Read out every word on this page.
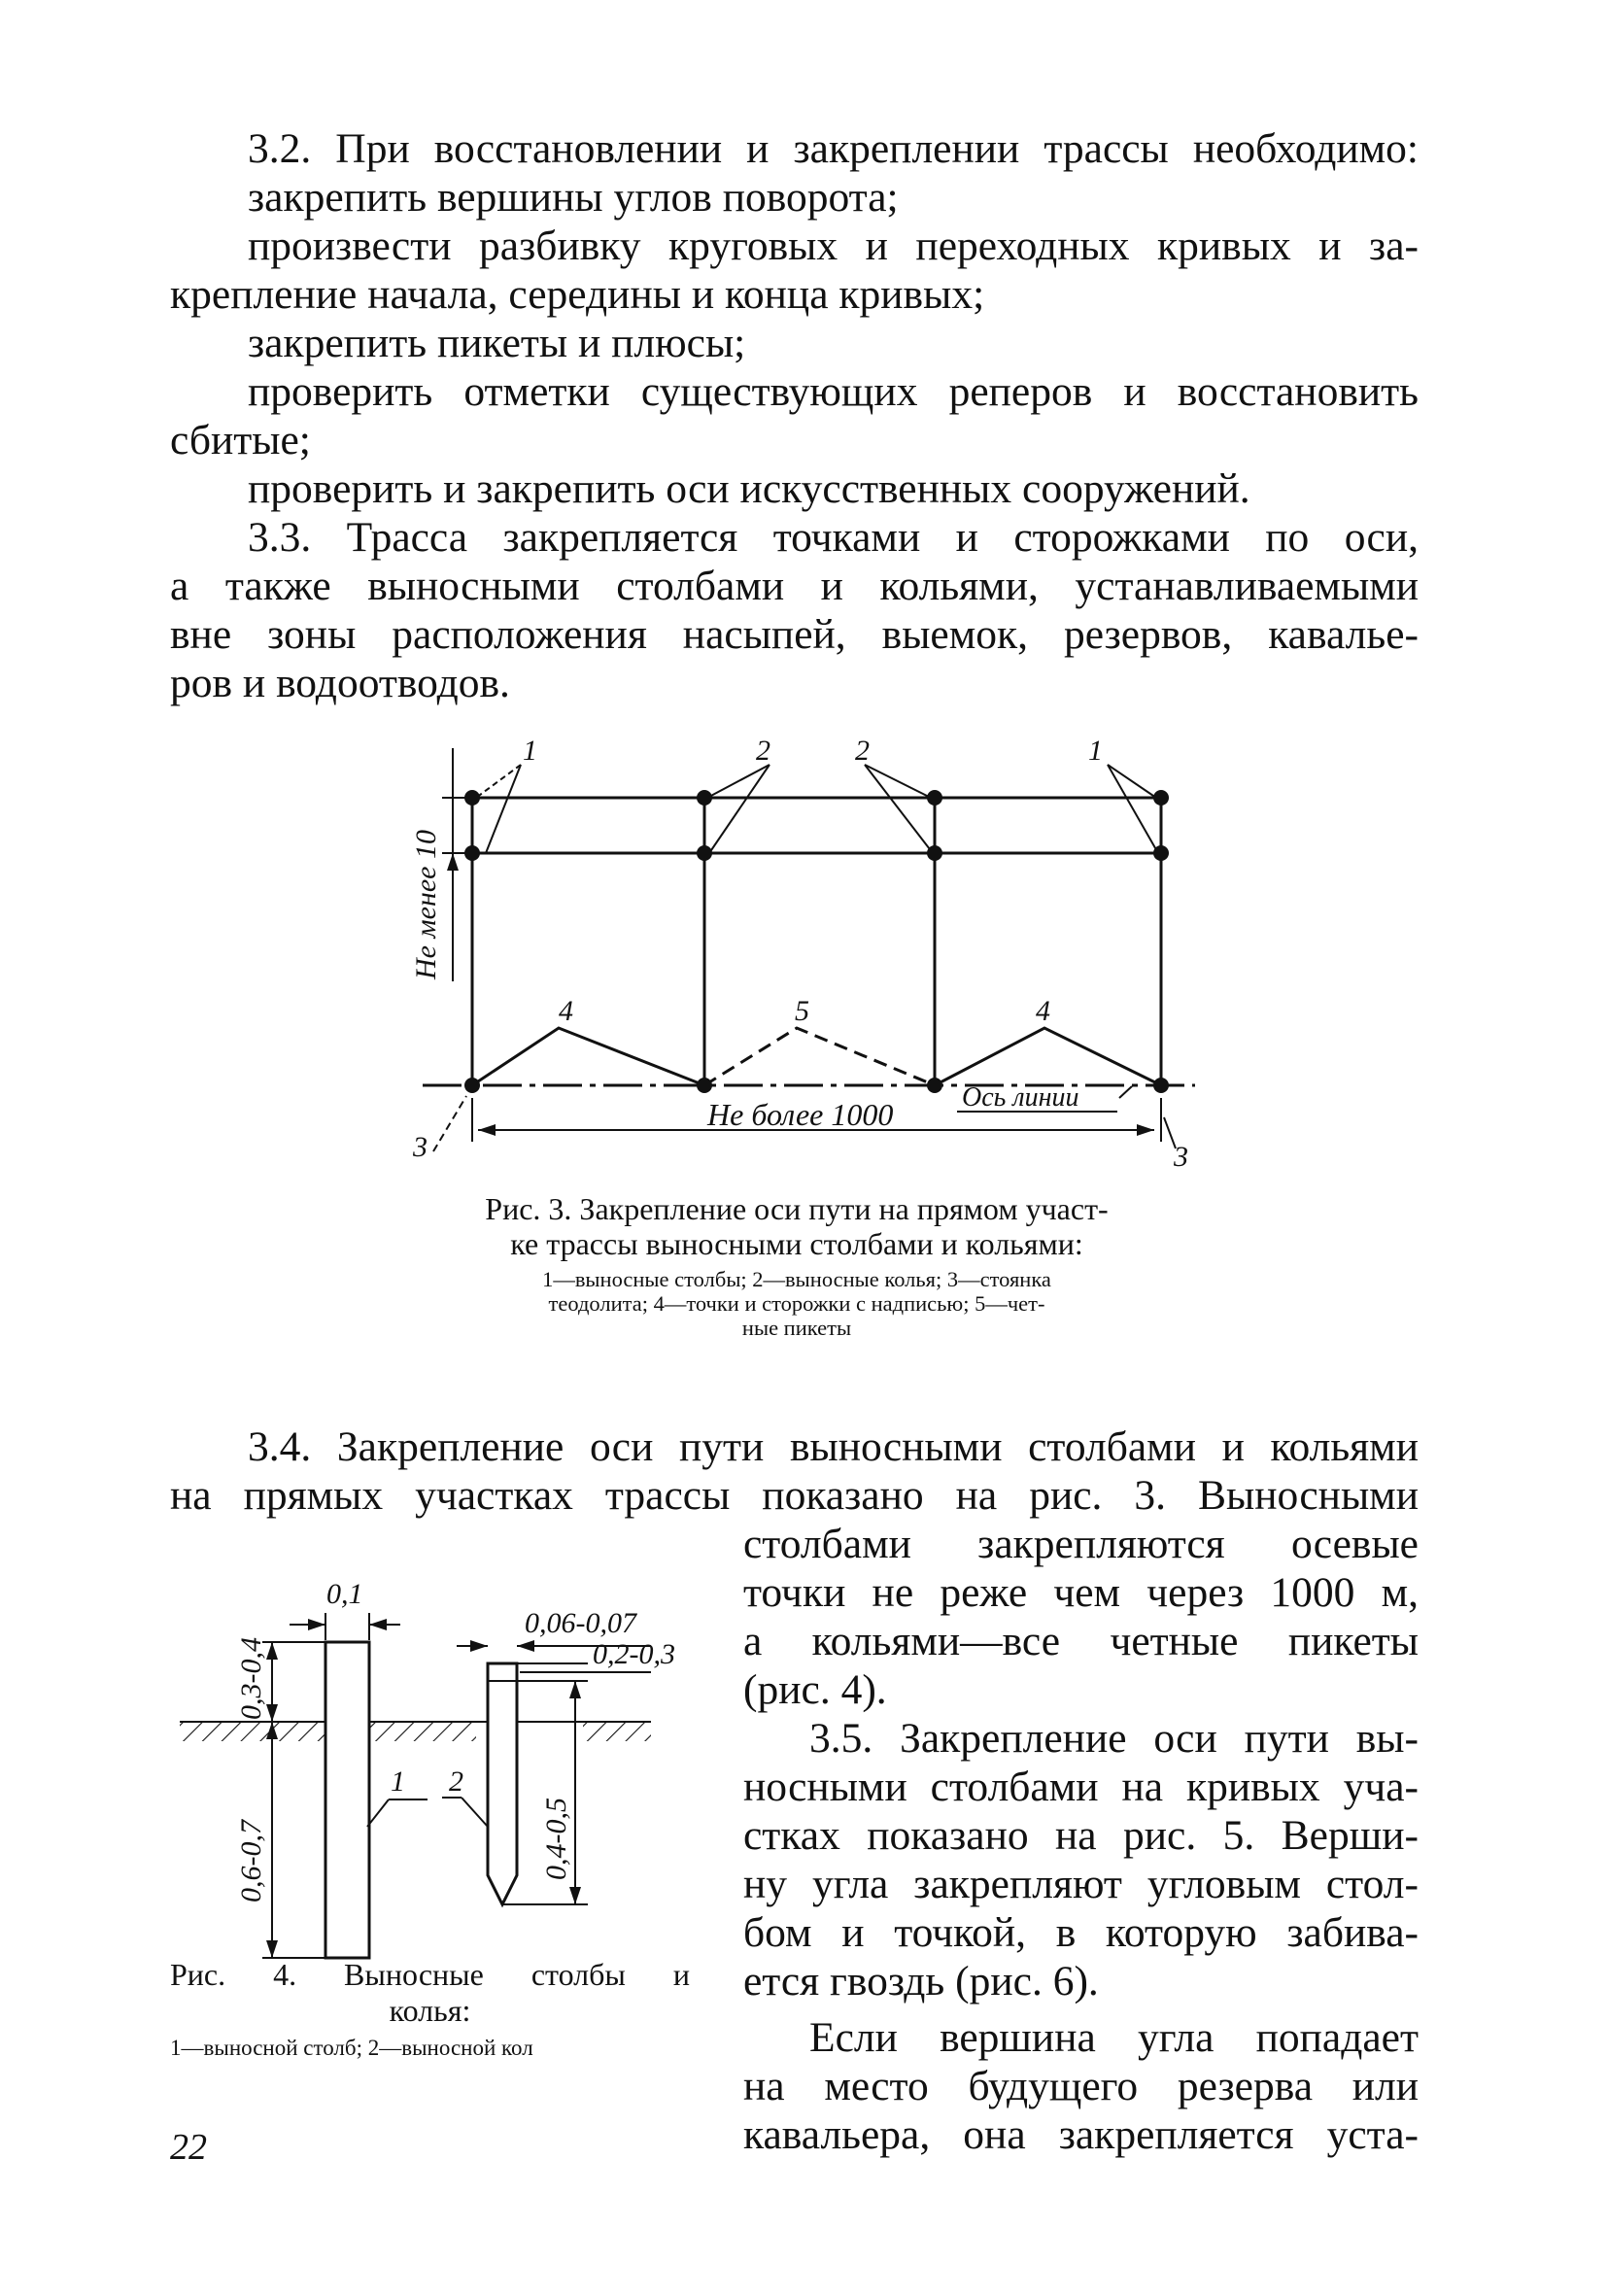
3.2. При восстановлении и закреплении трассы необходимо:
закрепить вершины углов поворота;
произвести разбивку круговых и переходных кривых и за-
крепление начала, середины и конца кривых;
закрепить пикеты и плюсы;
проверить отметки существующих реперов и восстановить
сбитые;
проверить и закрепить оси искусственных сооружений.
3.3. Трасса закрепляется точками и сторожками по оси,
а также выносными столбами и кольями, устанавливаемыми
вне зоны расположения насыпей, выемок, резервов, кавалье-
ров и водоотводов.
1	2	2	1
4	5	4
3	3
Не более 1000	Ось линии
Не менее 10
Рис. 3. Закрепление оси пути на прямом участ-
ке трассы выносными столбами и кольями:
1—выносные столбы; 2—выносные колья; 3—стоянка
теодолита; 4—точки и сторожки с надписью; 5—чет-
ные пикеты
3.4. Закрепление оси пути выносными столбами и кольями
на прямых участках трассы показано на рис. 3. Выносными
столбами закрепляются осевые
точки не реже чем через 1000 м,
а кольями—все четные пикеты
(рис. 4).
3.5. Закрепление оси пути вы-
носными столбами на кривых уча-
стках показано на рис. 5. Верши-
ну угла закрепляют угловым стол-
бом и точкой, в которую забива-
ется гвоздь (рис. 6).
Если вершина угла попадает
на место будущего резерва или
кавальера, она закрепляется уста-
0,1
0,06-0,07
0,2-0,3
0,3-0,4
0,6-0,7	0,4-0,5
1 2
Рис. 4. Выносные столбы и
колья:
1—выносной столб; 2—выносной кол
22
